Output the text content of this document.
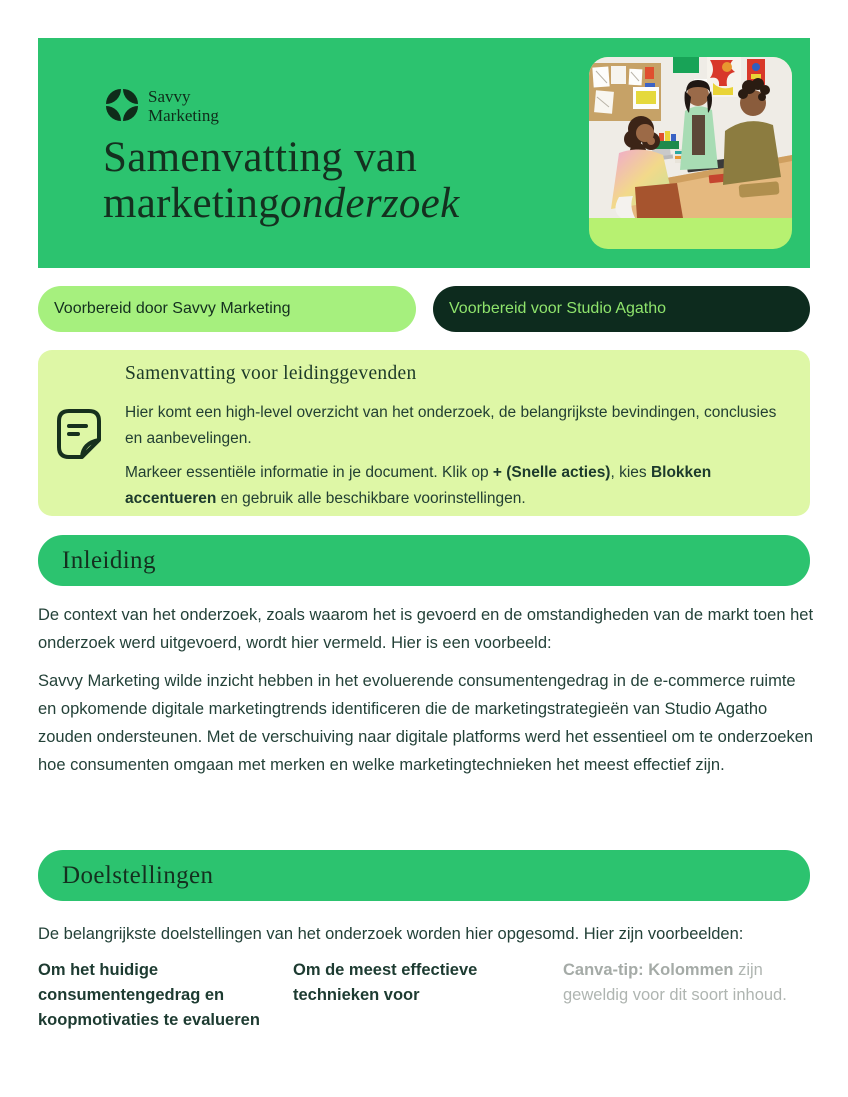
Savvy
Marketing
Samenvatting van
marketingonderzoek
Voorbereid door Savvy Marketing	Voorbereid voor Studio Agatho
Samenvatting voor leidinggevenden

Hier komt een high-level overzicht van het onderzoek, de belangrijkste bevindingen, conclusies en aanbevelingen.

Markeer essentiële informatie in je document. Klik op + (Snelle acties), kies Blokken accentueren en gebruik alle beschikbare voorinstellingen.

Inleiding

De context van het onderzoek, zoals waarom het is gevoerd en de omstandigheden van de markt toen het onderzoek werd uitgevoerd, wordt hier vermeld. Hier is een voorbeeld:

Savvy Marketing wilde inzicht hebben in het evoluerende consumentengedrag in de e-commerce ruimte en opkomende digitale marketingtrends identificeren die de marketingstrategieën van Studio Agatho zouden ondersteunen. Met de verschuiving naar digitale platforms werd het essentieel om te onderzoeken hoe consumenten omgaan met merken en welke marketingtechnieken het meest effectief zijn.

Doelstellingen

De belangrijkste doelstellingen van het onderzoek worden hier opgesomd. Hier zijn voorbeelden:

Om het huidige consumentengedrag en koopmotivaties te evalueren

Om de meest effectieve technieken voor

Canva-tip: Kolommen zijn geweldig voor dit soort inhoud.
